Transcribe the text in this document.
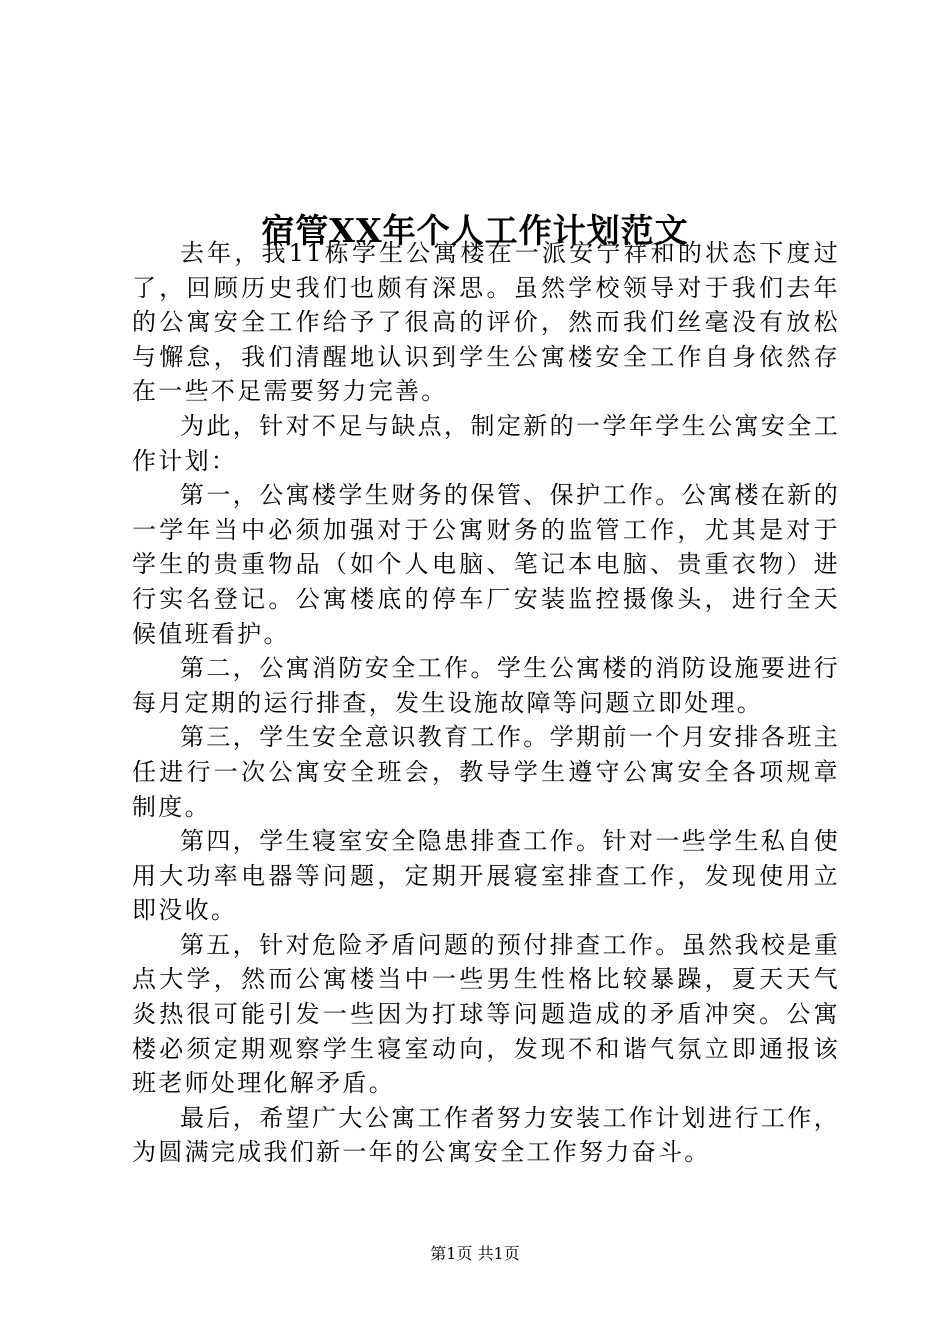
宿管XX年个人工作计划范文

去年，我11栋学生公寓楼在一派安宁祥和的状态下度过了，回顾历史我们也颇有深思。虽然学校领导对于我们去年的公寓安全工作给予了很高的评价，然而我们丝毫没有放松与懈怠，我们清醒地认识到学生公寓楼安全工作自身依然存在一些不足需要努力完善。

为此，针对不足与缺点，制定新的一学年学生公寓安全工作计划：

第一，公寓楼学生财务的保管、保护工作。公寓楼在新的一学年当中必须加强对于公寓财务的监管工作，尤其是对于学生的贵重物品（如个人电脑、笔记本电脑、贵重衣物）进行实名登记。公寓楼底的停车厂安装监控摄像头，进行全天候值班看护。

第二，公寓消防安全工作。学生公寓楼的消防设施要进行每月定期的运行排查，发生设施故障等问题立即处理。

第三，学生安全意识教育工作。学期前一个月安排各班主任进行一次公寓安全班会，教导学生遵守公寓安全各项规章制度。

第四，学生寝室安全隐患排查工作。针对一些学生私自使用大功率电器等问题，定期开展寝室排查工作，发现使用立即没收。

第五，针对危险矛盾问题的预付排查工作。虽然我校是重点大学，然而公寓楼当中一些男生性格比较暴躁，夏天天气炎热很可能引发一些因为打球等问题造成的矛盾冲突。公寓楼必须定期观察学生寝室动向，发现不和谐气氛立即通报该班老师处理化解矛盾。

最后，希望广大公寓工作者努力安装工作计划进行工作，为圆满完成我们新一年的公寓安全工作努力奋斗。

第1页 共1页
